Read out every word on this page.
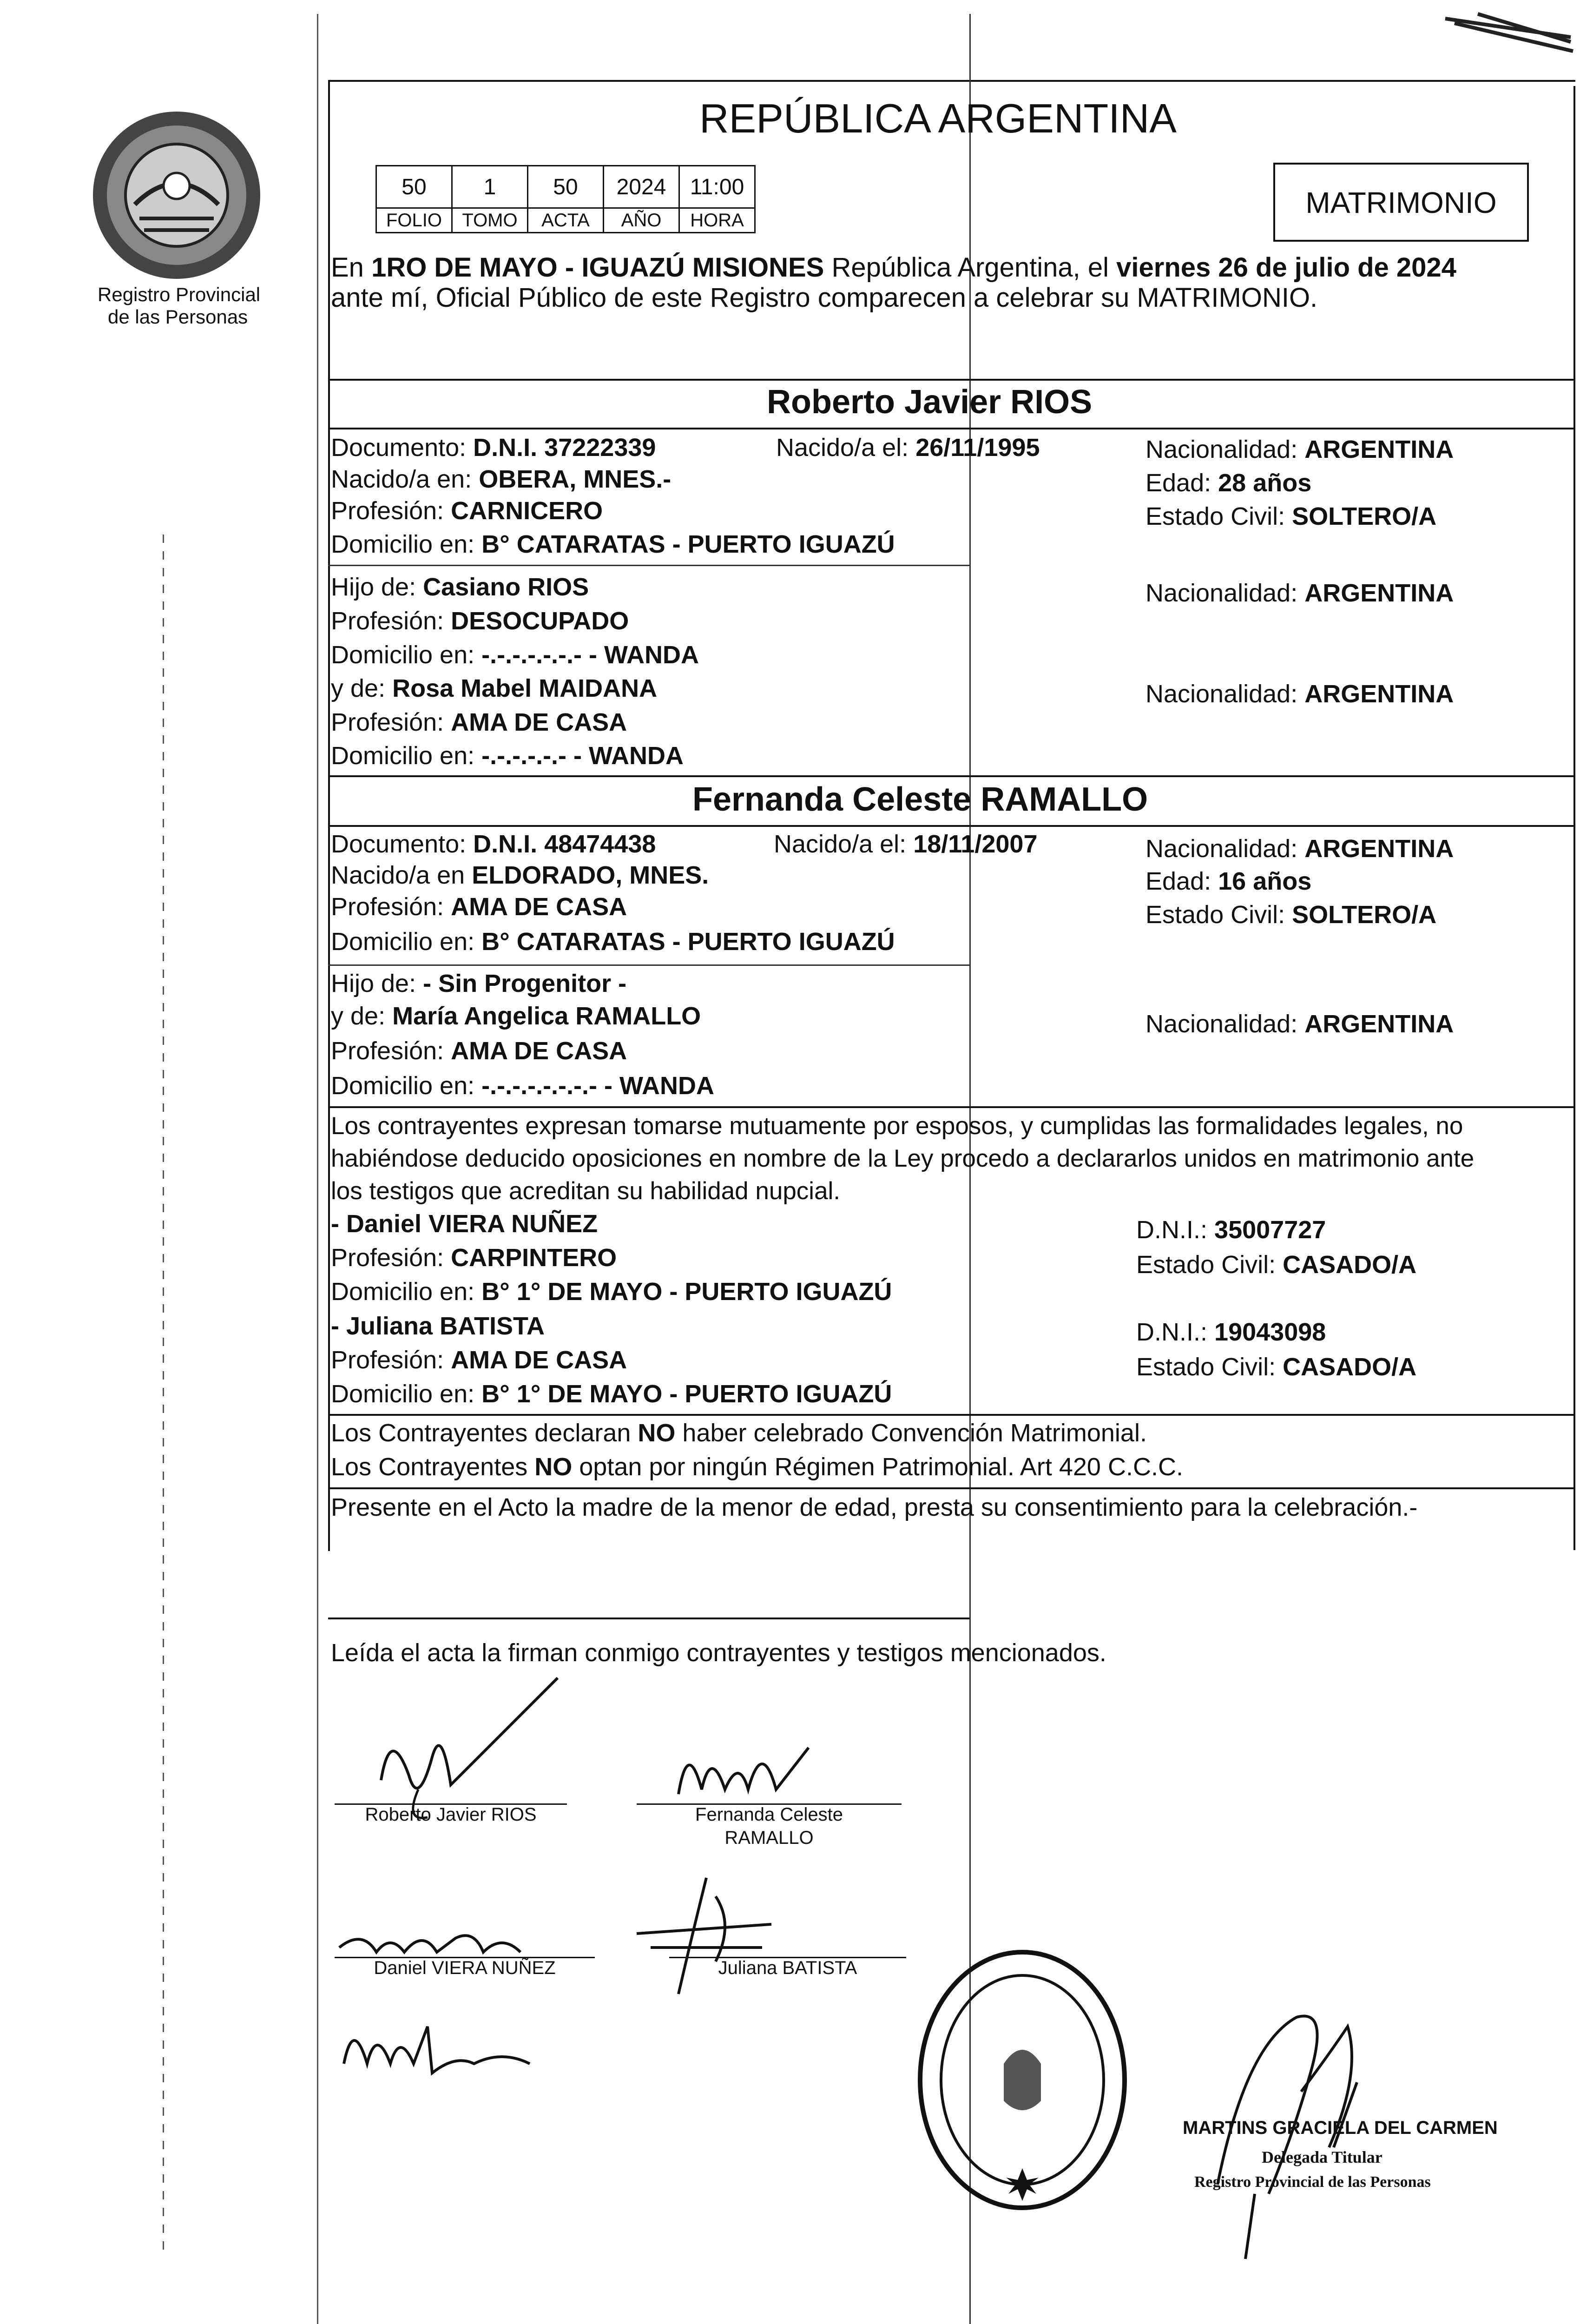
Registro Provincial
de las Personas
REPÚBLICA ARGENTINA
50	1	50	2024	11:00
FOLIO	TOMO	ACTA	AÑO	HORA
MATRIMONIO
En 1RO DE MAYO - IGUAZÚ MISIONES República Argentina, el viernes 26 de julio de 2024
ante mí, Oficial Público de este Registro comparecen a celebrar su MATRIMONIO.
Roberto Javier RIOS
Documento: D.N.I. 37222339	Nacido/a el: 26/11/1995	Nacionalidad: ARGENTINA
Nacido/a en: OBERA, MNES.-	Edad: 28 años
Profesión: CARNICERO	Estado Civil: SOLTERO/A
Domicilio en: B° CATARATAS - PUERTO IGUAZÚ
Hijo de: Casiano RIOS	Nacionalidad: ARGENTINA
Profesión: DESOCUPADO
Domicilio en: -.-.-.-.-.-.- - WANDA
y de: Rosa Mabel MAIDANA	Nacionalidad: ARGENTINA
Profesión: AMA DE CASA
Domicilio en: -.-.-.-.-.- - WANDA
Fernanda Celeste RAMALLO
Documento: D.N.I. 48474438	Nacido/a el: 18/11/2007	Nacionalidad: ARGENTINA
Nacido/a en ELDORADO, MNES.	Edad: 16 años
Profesión: AMA DE CASA	Estado Civil: SOLTERO/A
Domicilio en: B° CATARATAS - PUERTO IGUAZÚ
Hijo de: - Sin Progenitor -
y de: María Angelica RAMALLO	Nacionalidad: ARGENTINA
Profesión: AMA DE CASA
Domicilio en: -.-.-.-.-.-.-.- - WANDA
Los contrayentes expresan tomarse mutuamente por esposos, y cumplidas las formalidades legales, no
habiéndose deducido oposiciones en nombre de la Ley procedo a declararlos unidos en matrimonio ante
los testigos que acreditan su habilidad nupcial.
- Daniel VIERA NUÑEZ	D.N.I.: 35007727
Profesión: CARPINTERO	Estado Civil: CASADO/A
Domicilio en: B° 1° DE MAYO - PUERTO IGUAZÚ
- Juliana BATISTA	D.N.I.: 19043098
Profesión: AMA DE CASA	Estado Civil: CASADO/A
Domicilio en: B° 1° DE MAYO - PUERTO IGUAZÚ
Los Contrayentes declaran NO haber celebrado Convención Matrimonial.
Los Contrayentes NO optan por ningún Régimen Patrimonial. Art 420 C.C.C.
Presente en el Acto la madre de la menor de edad, presta su consentimiento para la celebración.-
Leída el acta la firman conmigo contrayentes y testigos mencionados.
Roberto Javier RIOS	Fernanda Celeste
RAMALLO
Daniel VIERA NUÑEZ	Juliana BATISTA
MARTINS GRACIELA DEL CARMEN
Delegada Titular
Registro Provincial de las Personas
